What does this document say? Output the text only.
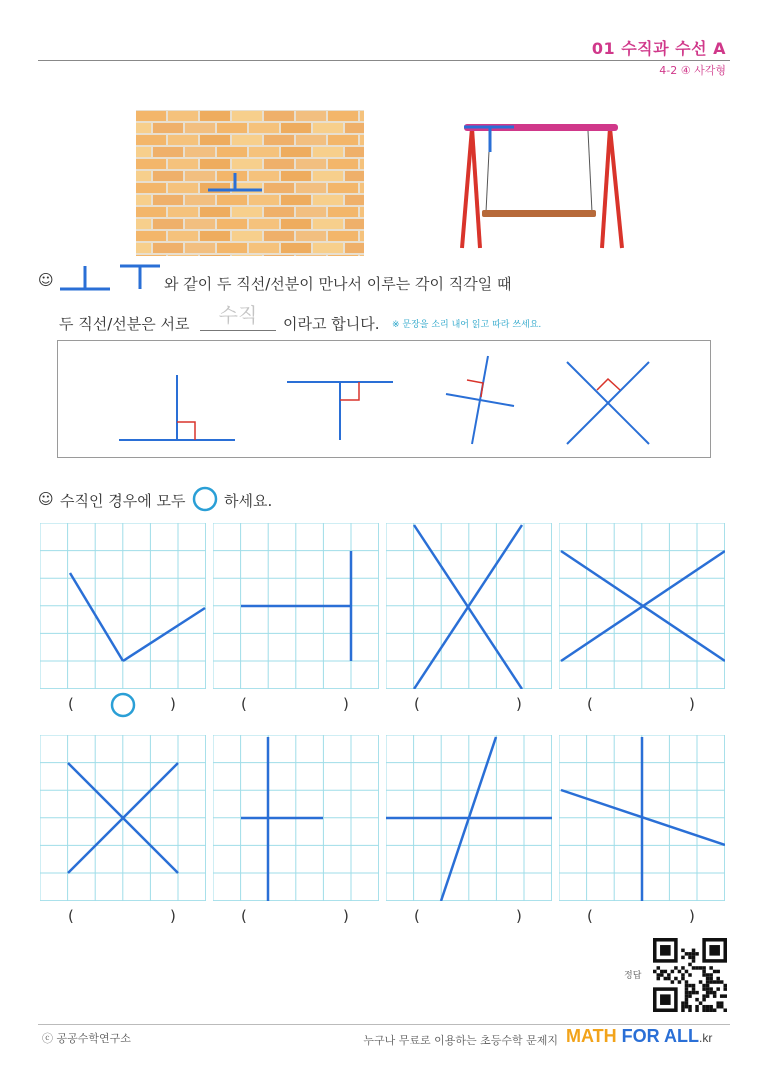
01 수직과 수선 A
4-2 ④ 사각형
☺	와 같이 두 직선/선분이 만나서 이루는 각이 직각일 때
두 직선/선분은 서로	수직	이라고 합니다. ※ 문장을 소리 내어 읽고 따라 쓰세요.
☺ 수직인 경우에 모두 ○ 하세요.
(	)	(	)	(	)	(	)
(	)	(	)	(	)	(	)
정답
ⓒ 공공수학연구소	누구나 무료로 이용하는 초등수학 문제지 MATH FOR ALL.kr
